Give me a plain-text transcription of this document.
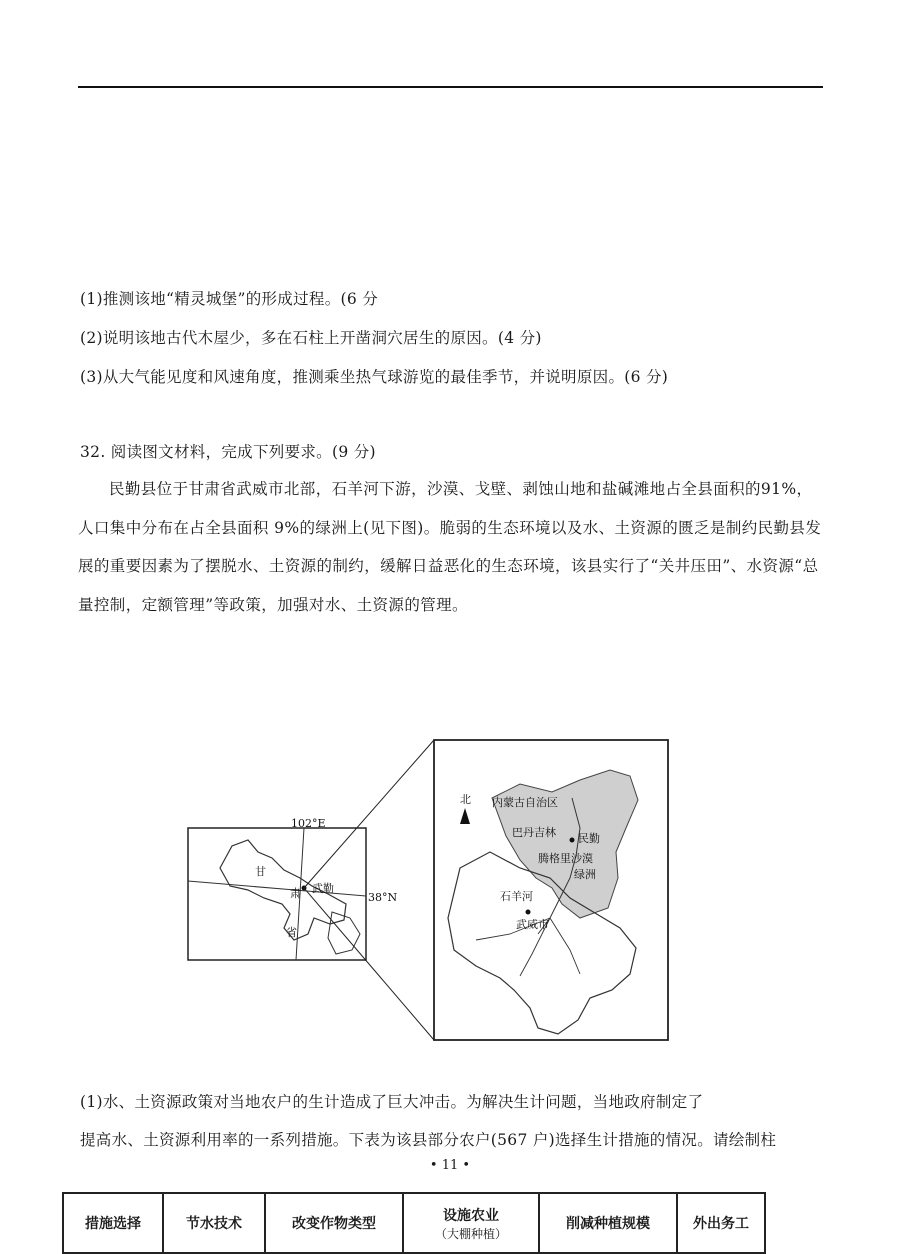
(1)推测该地“精灵城堡”的形成过程。(6 分
(2)说明该地古代木屋少，多在石柱上开凿洞穴居生的原因。(4 分)
(3)从大气能见度和风速角度，推测乘坐热气球游览的最佳季节，并说明原因。(6 分)
32. 阅读图文材料，完成下列要求。(9 分)

民勤县位于甘肃省武威市北部，石羊河下游，沙漠、戈壁、剥蚀山地和盐碱滩地占全县面积的91%，人口集中分布在占全县面积 9%的绿洲上(见下图)。脆弱的生态环境以及水、土资源的匮乏是制约民勤县发展的重要因素为了摆脱水、土资源的制约，缓解日益恶化的生态环境，该县实行了“关井压田”、水资源“总量控制，定额管理”等政策，加强对水、土资源的管理。

102°E
38°N
甘
肃
省
武勤
内蒙古自治区
北
巴丹吉林
腾格里沙漠
民勤
绿洲
石羊河
武威市
(1)水、土资源政策对当地农户的生计造成了巨大冲击。为解决生计问题，当地政府制定了
提高水、土资源利用率的一系列措施。下表为该县部分农户(567 户)选择生计措施的情况。请绘制柱
• 11 •
措施选择	节水技术	改变作物类型	设施农业
（大棚种植）
	削减种植规模	外出务工
